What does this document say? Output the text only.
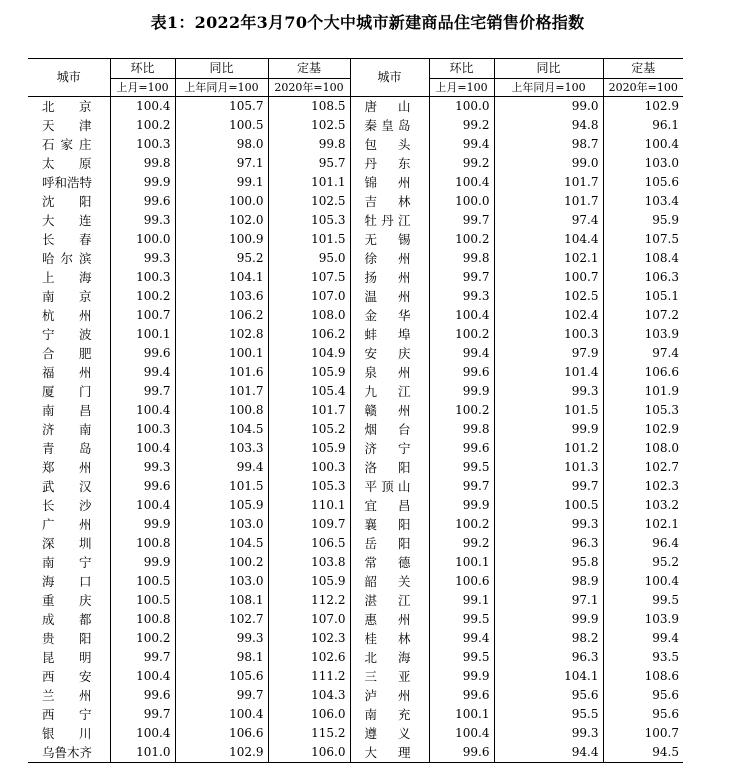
表1：2022年3月70个大中城市新建商品住宅销售价格指数
城市	环比	同比	定基	城市	环比	同比	定基
	上月=100	上年同月=100	2020年=100		上月=100	上年同月=100	2020年=100
北京	100.4	105.7	108.5	唐山	100.0	99.0	102.9
天津	100.2	100.5	102.5	秦皇岛	99.2	94.8	96.1
石家庄	100.3	98.0	99.8	包头	99.4	98.7	100.4
太原	99.8	97.1	95.7	丹东	99.2	99.0	103.0
呼和浩特	99.9	99.1	101.1	锦州	100.4	101.7	105.6
沈阳	99.6	100.0	102.5	吉林	100.0	101.7	103.4
大连	99.3	102.0	105.3	牡丹江	99.7	97.4	95.9
长春	100.0	100.9	101.5	无锡	100.2	104.4	107.5
哈尔滨	99.3	95.2	95.0	徐州	99.8	102.1	108.4
上海	100.3	104.1	107.5	扬州	99.7	100.7	106.3
南京	100.2	103.6	107.0	温州	99.3	102.5	105.1
杭州	100.7	106.2	108.0	金华	100.4	102.4	107.2
宁波	100.1	102.8	106.2	蚌埠	100.2	100.3	103.9
合肥	99.6	100.1	104.9	安庆	99.4	97.9	97.4
福州	99.4	101.6	105.9	泉州	99.6	101.4	106.6
厦门	99.7	101.7	105.4	九江	99.9	99.3	101.9
南昌	100.4	100.8	101.7	赣州	100.2	101.5	105.3
济南	100.3	104.5	105.2	烟台	99.8	99.9	102.9
青岛	100.4	103.3	105.9	济宁	99.6	101.2	108.0
郑州	99.3	99.4	100.3	洛阳	99.5	101.3	102.7
武汉	99.6	101.5	105.3	平顶山	99.7	99.7	102.3
长沙	100.4	105.9	110.1	宜昌	99.9	100.5	103.2
广州	99.9	103.0	109.7	襄阳	100.2	99.3	102.1
深圳	100.8	104.5	106.5	岳阳	99.2	96.3	96.4
南宁	99.9	100.2	103.8	常德	100.1	95.8	95.2
海口	100.5	103.0	105.9	韶关	100.6	98.9	100.4
重庆	100.5	108.1	112.2	湛江	99.1	97.1	99.5
成都	100.8	102.7	107.0	惠州	99.5	99.9	103.9
贵阳	100.2	99.3	102.3	桂林	99.4	98.2	99.4
昆明	99.7	98.1	102.6	北海	99.5	96.3	93.5
西安	100.4	105.6	111.2	三亚	99.9	104.1	108.6
兰州	99.6	99.7	104.3	泸州	99.6	95.6	95.6
西宁	99.7	100.4	106.0	南充	100.1	95.5	95.6
银川	100.4	106.6	115.2	遵义	100.4	99.3	100.7
乌鲁木齐	101.0	102.9	106.0	大理	99.6	94.4	94.5
